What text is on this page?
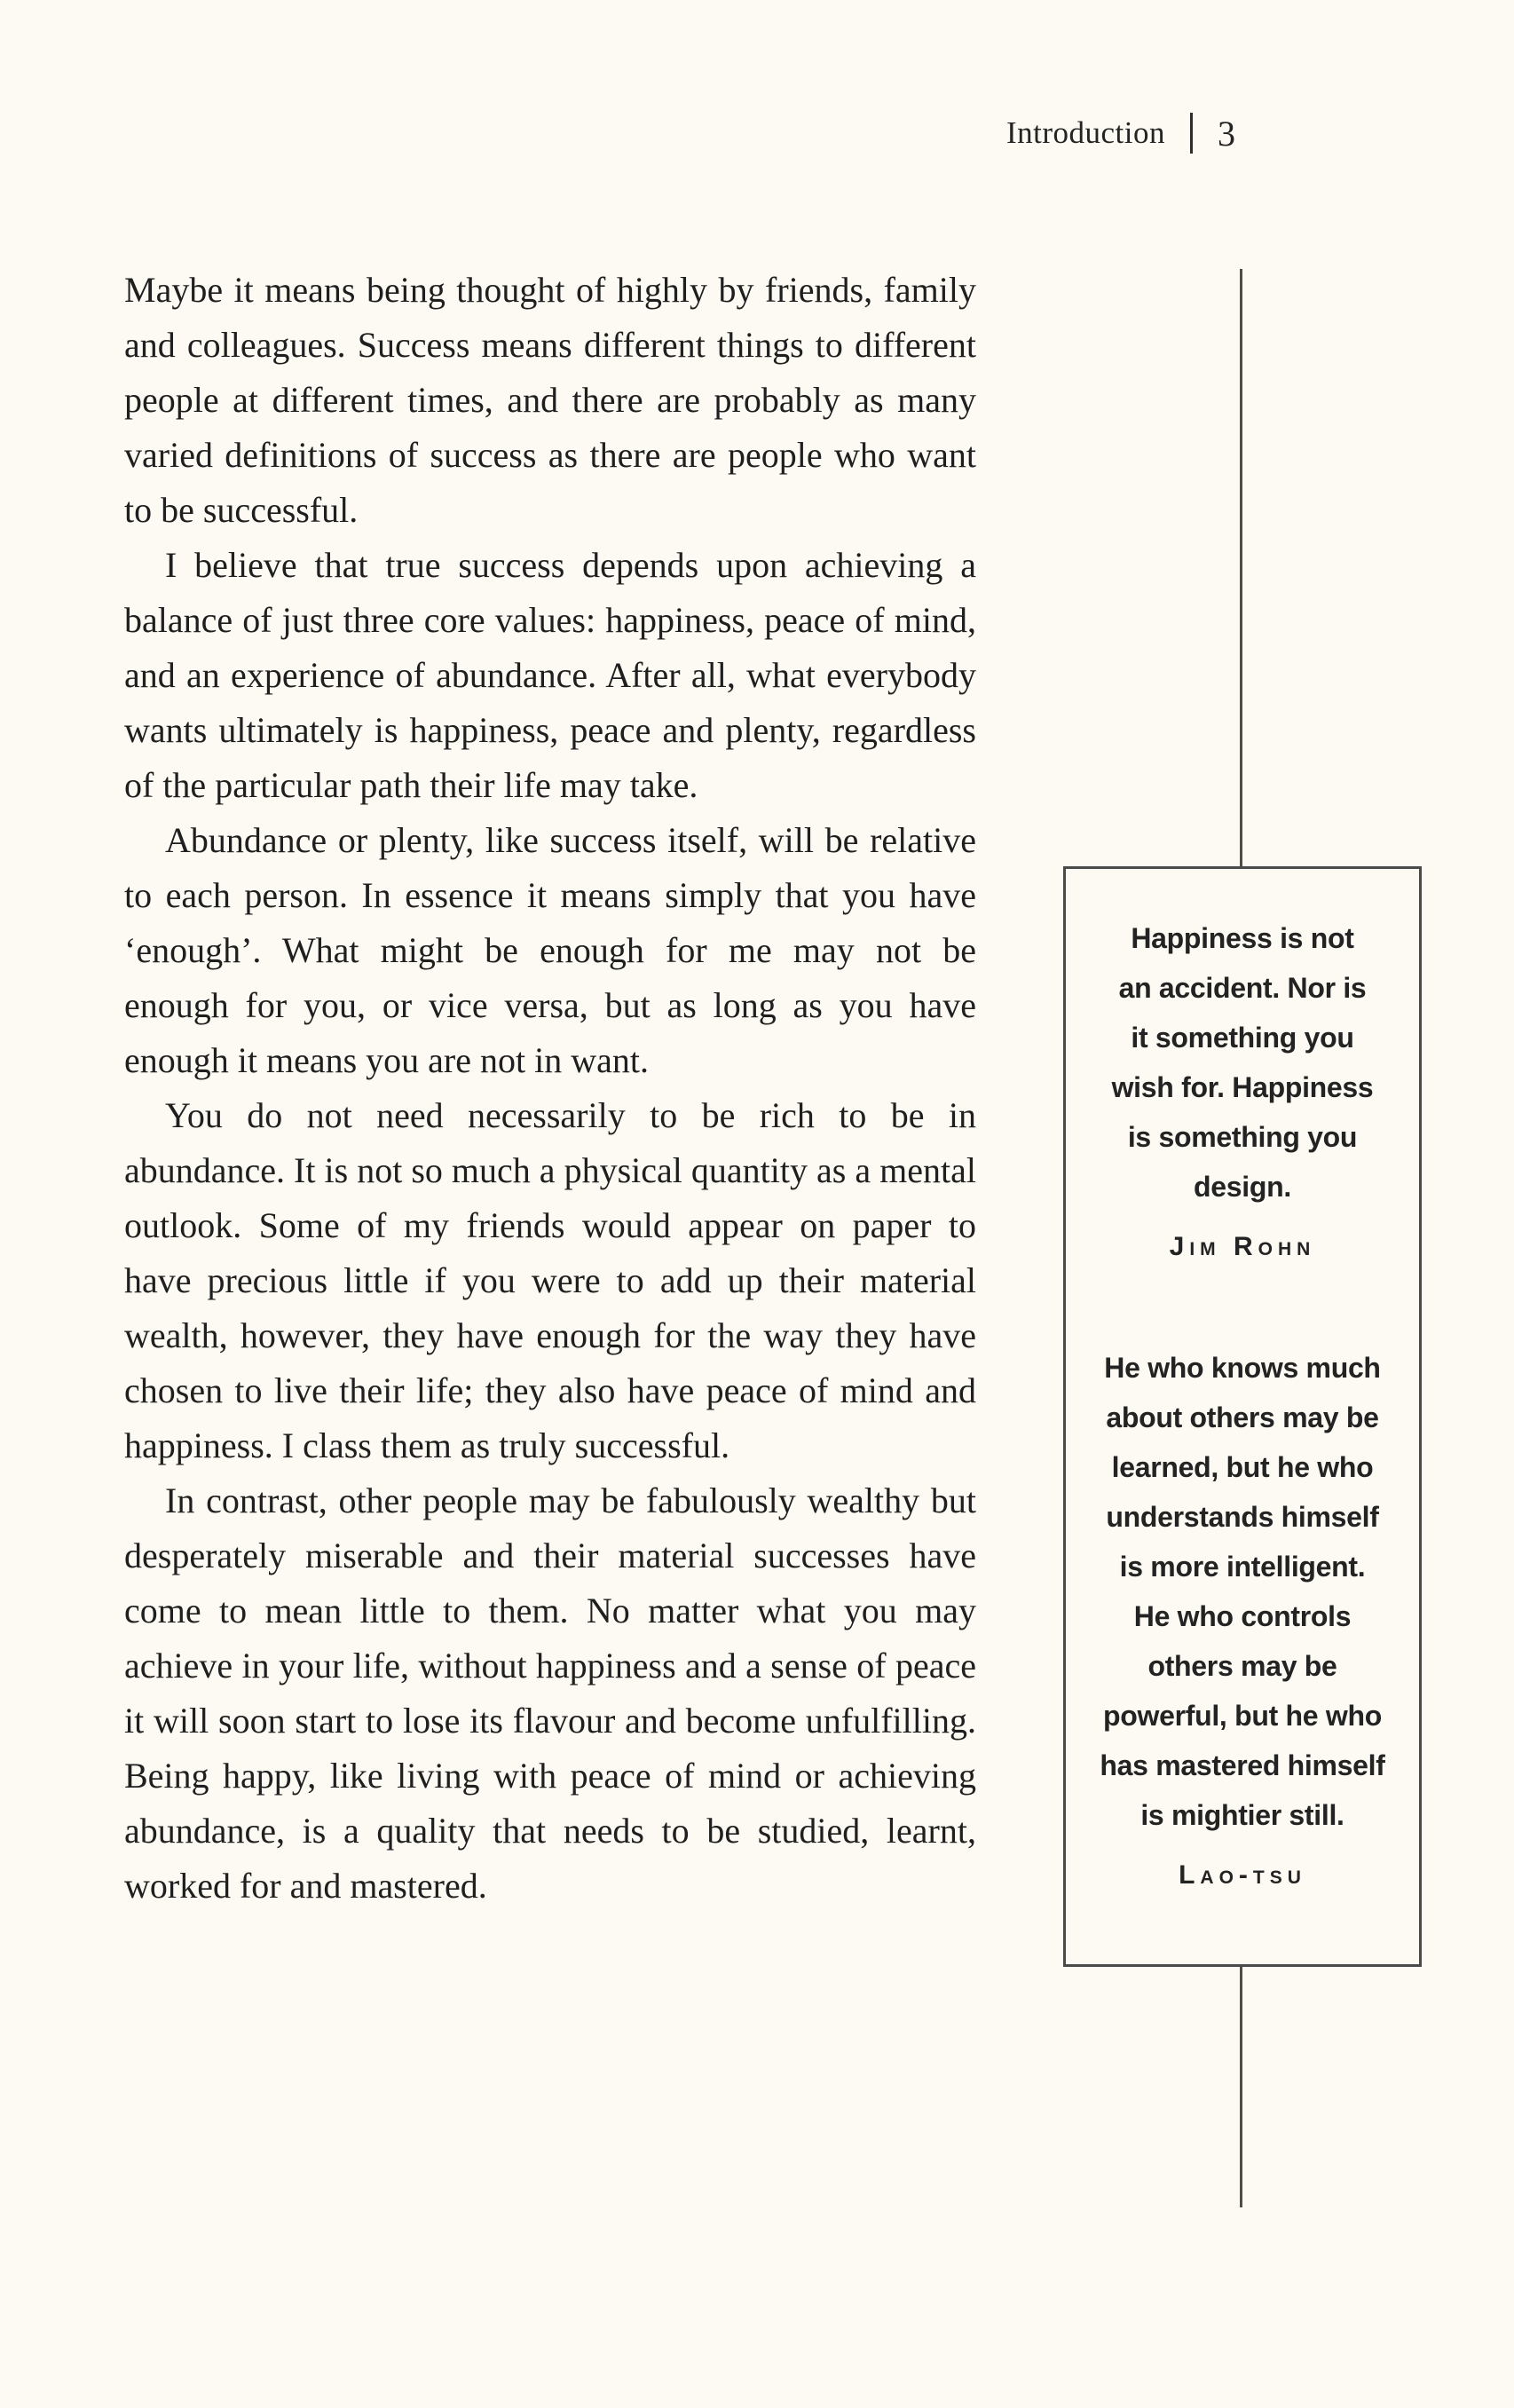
Introduction 3
Happiness is not
an accident. Nor is
it something you
wish for. Happiness
is something you
design.
Jim Rohn
He who knows much
about others may be
learned, but he who
understands himself
is more intelligent.
He who controls
others may be
powerful, but he who
has mastered himself
is mightier still.
Lao-tsu

Maybe it means being thought of highly by friends, family and colleagues. Success means different things to different people at different times, and there are probably as many varied definitions of success as there are people who want to be successful.

I believe that true success depends upon achieving a balance of just three core values: happiness, peace of mind, and an experience of abundance. After all, what everybody wants ultimately is happiness, peace and plenty, regardless of the particular path their life may take.

Abundance or plenty, like success itself, will be relative to each person. In essence it means simply that you have ‘enough’. What might be enough for me may not be enough for you, or vice versa, but as long as you have enough it means you are not in want.

You do not need necessarily to be rich to be in abundance. It is not so much a physical quantity as a mental outlook. Some of my friends would appear on paper to have precious little if you were to add up their material wealth, however, they have enough for the way they have chosen to live their life; they also have peace of mind and happiness. I class them as truly successful.

In contrast, other people may be fabulously wealthy but desperately miserable and their material successes have come to mean little to them. No matter what you may achieve in your life, without happiness and a sense of peace it will soon start to lose its flavour and become unfulfilling. Being happy, like living with peace of mind or achieving abundance, is a quality that needs to be studied, learnt, worked for and mastered.
